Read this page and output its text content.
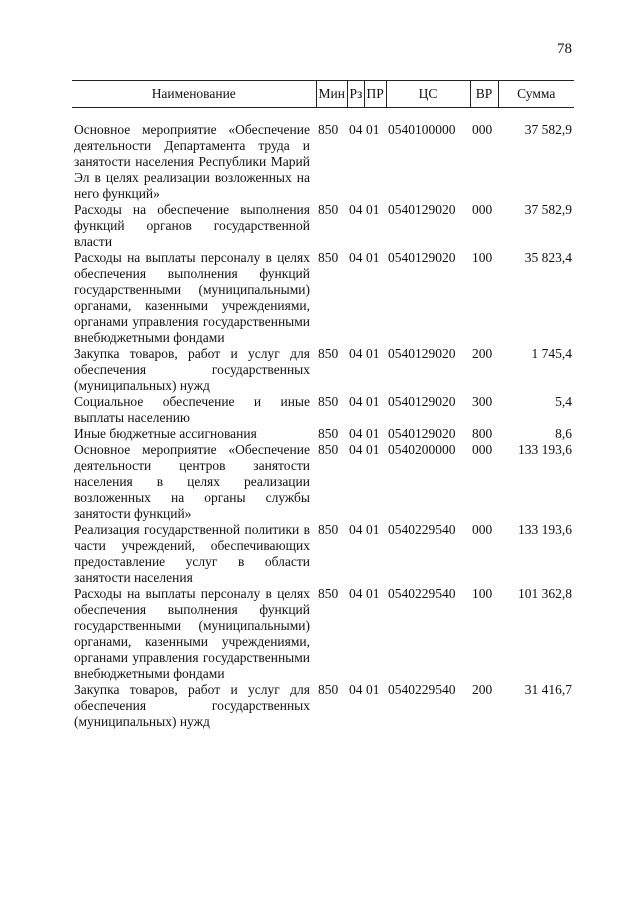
78
Наименование	Мин	Рз	ПР	ЦС	ВР	Сумма
Основное мероприятие «Обеспечение деятельности Департамента труда и занятости населения Республики Марий Эл в целях реализации возложенных на него функций»	850	04	01	0540100000	000	37 582,9
Расходы на обеспечение выполнения функций органов государственной власти	850	04	01	0540129020	000	37 582,9
Расходы на выплаты персоналу в целях обеспечения выполнения функций государственными (муниципальными) органами, казенными учреждениями, органами управления государственными внебюджетными фондами	850	04	01	0540129020	100	35 823,4
Закупка товаров, работ и услуг для обеспечения государственных (муниципальных) нужд	850	04	01	0540129020	200	1 745,4
Социальное обеспечение и иные выплаты населению	850	04	01	0540129020	300	5,4
Иные бюджетные ассигнования	850	04	01	0540129020	800	8,6
Основное мероприятие «Обеспечение деятельности центров занятости населения в целях реализации возложенных на органы службы занятости функций»	850	04	01	0540200000	000	133 193,6
Реализация государственной политики в части учреждений, обеспечивающих предоставление услуг в области занятости населения	850	04	01	0540229540	000	133 193,6
Расходы на выплаты персоналу в целях обеспечения выполнения функций государственными (муниципальными) органами, казенными учреждениями, органами управления государственными внебюджетными фондами	850	04	01	0540229540	100	101 362,8
Закупка товаров, работ и услуг для обеспечения государственных (муниципальных) нужд	850	04	01	0540229540	200	31 416,7
